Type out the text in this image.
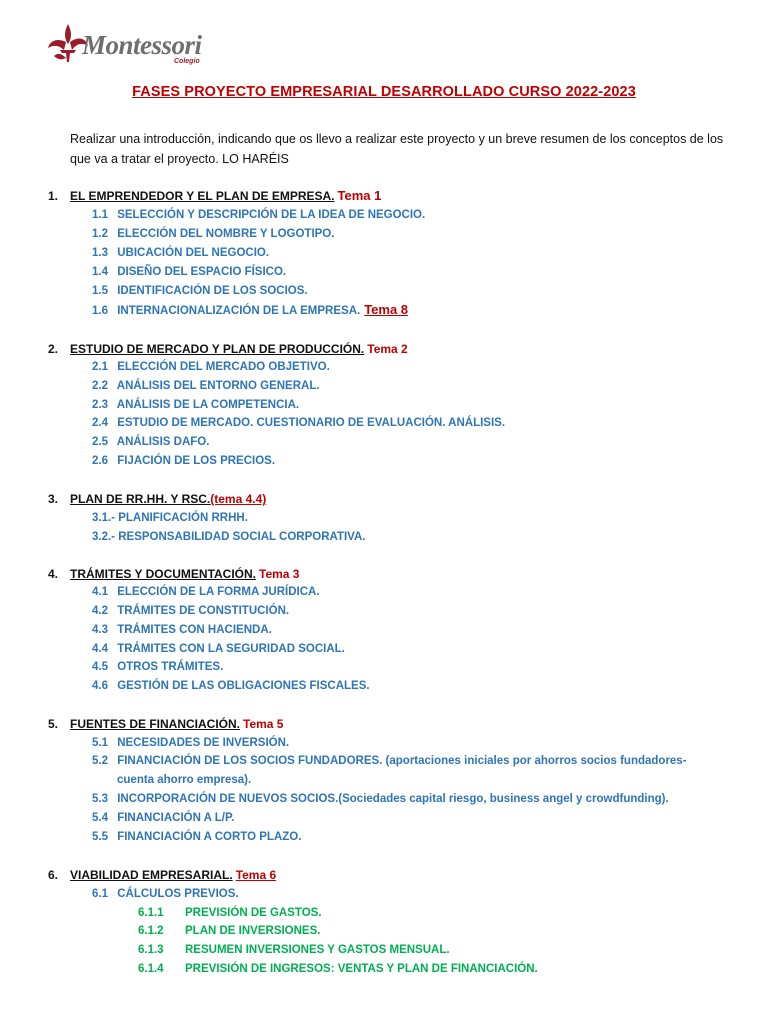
Montessori
Colegio
FASES PROYECTO EMPRESARIAL DESARROLLADO CURSO 2022-2023
Realizar una introducción, indicando que os llevo a realizar este proyecto y un breve resumen de los conceptos de los que va a tratar el proyecto. LO HARÉIS
1. EL EMPRENDEDOR Y EL PLAN DE EMPRESA. Tema 1
1.1 SELECCIÓN Y DESCRIPCIÓN DE LA IDEA DE NEGOCIO.
1.2 ELECCIÓN DEL NOMBRE Y LOGOTIPO.
1.3 UBICACIÓN DEL NEGOCIO.
1.4 DISEÑO DEL ESPACIO FÍSICO.
1.5 IDENTIFICACIÓN DE LOS SOCIOS.
1.6 INTERNACIONALIZACIÓN DE LA EMPRESA. Tema 8
2. ESTUDIO DE MERCADO Y PLAN DE PRODUCCIÓN. Tema 2
2.1 ELECCIÓN DEL MERCADO OBJETIVO.
2.2 ANÁLISIS DEL ENTORNO GENERAL.
2.3 ANÁLISIS DE LA COMPETENCIA.
2.4 ESTUDIO DE MERCADO. CUESTIONARIO DE EVALUACIÓN. ANÁLISIS.
2.5 ANÁLISIS DAFO.
2.6 FIJACIÓN DE LOS PRECIOS.
3. PLAN DE RR.HH. Y RSC.(tema 4.4)
3.1.- PLANIFICACIÓN RRHH.
3.2.- RESPONSABILIDAD SOCIAL CORPORATIVA.
4. TRÁMITES Y DOCUMENTACIÓN. Tema 3
4.1 ELECCIÓN DE LA FORMA JURÍDICA.
4.2 TRÁMITES DE CONSTITUCIÓN.
4.3 TRÁMITES CON HACIENDA.
4.4 TRÁMITES CON LA SEGURIDAD SOCIAL.
4.5 OTROS TRÁMITES.
4.6 GESTIÓN DE LAS OBLIGACIONES FISCALES.
5. FUENTES DE FINANCIACIÓN. Tema 5
5.1 NECESIDADES DE INVERSIÓN.
5.2 FINANCIACIÓN DE LOS SOCIOS FUNDADORES. (aportaciones iniciales por ahorros socios fundadores-
cuenta ahorro empresa).
5.3 INCORPORACIÓN DE NUEVOS SOCIOS.(Sociedades capital riesgo, business angel y crowdfunding).
5.4 FINANCIACIÓN A L/P.
5.5 FINANCIACIÓN A CORTO PLAZO.
6. VIABILIDAD EMPRESARIAL. Tema 6
6.1 CÁLCULOS PREVIOS.
6.1.1 PREVISIÓN DE GASTOS.
6.1.2 PLAN DE INVERSIONES.
6.1.3 RESUMEN INVERSIONES Y GASTOS MENSUAL.
6.1.4 PREVISIÓN DE INGRESOS: VENTAS Y PLAN DE FINANCIACIÓN.
